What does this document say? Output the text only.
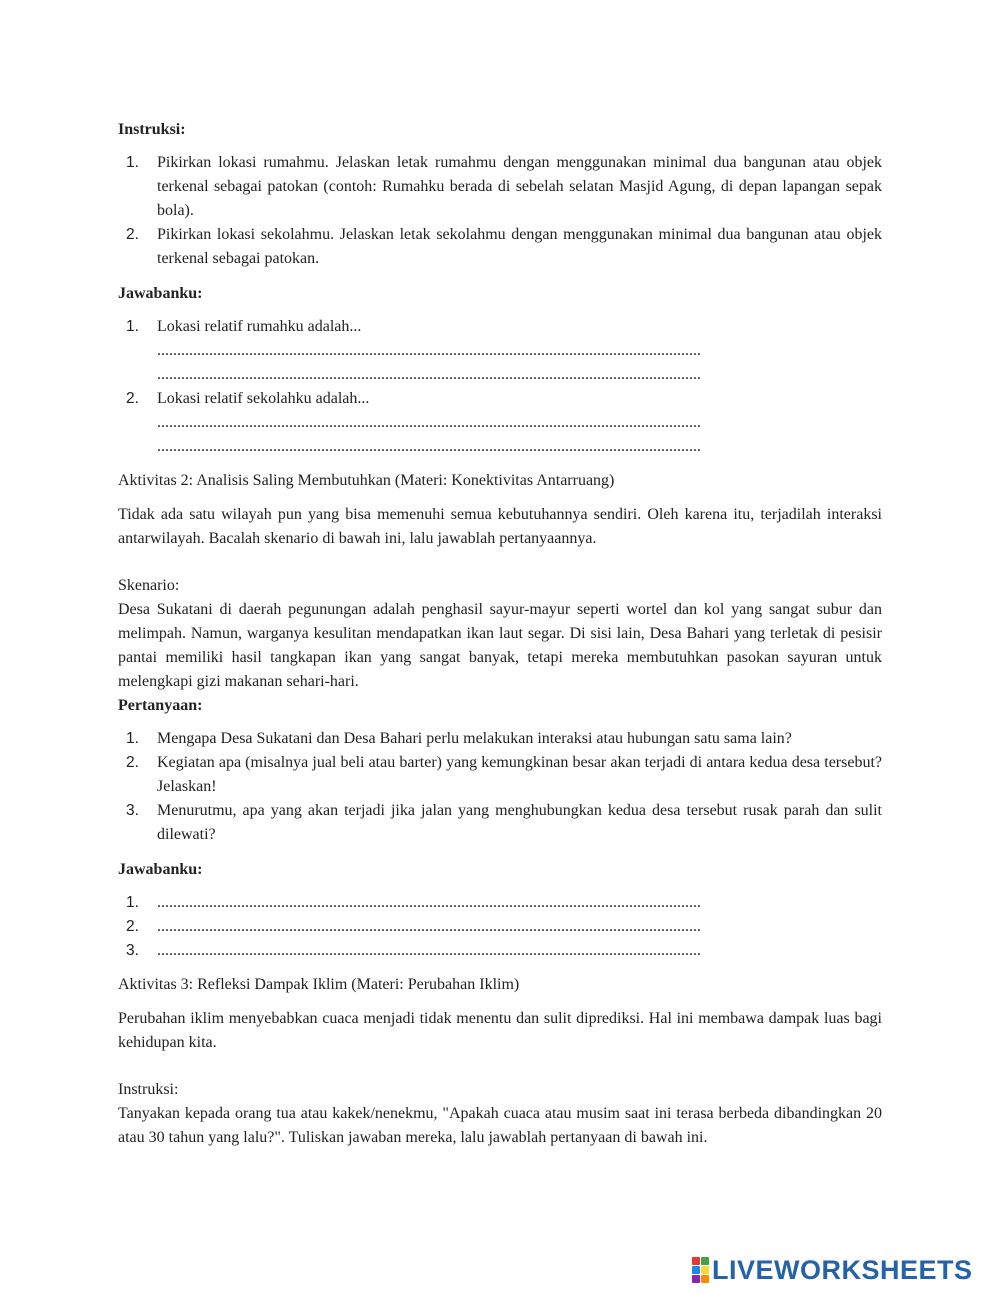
Instruksi:

1. Pikirkan lokasi rumahmu. Jelaskan letak rumahmu dengan menggunakan minimal dua bangunan atau objek terkenal sebagai patokan (contoh: Rumahku berada di sebelah selatan Masjid Agung, di depan lapangan sepak bola).
2. Pikirkan lokasi sekolahmu. Jelaskan letak sekolahmu dengan menggunakan minimal dua bangunan atau objek terkenal sebagai patokan.

Jawabanku:

1. Lokasi relatif rumahku adalah...
........................................................................................................................................
........................................................................................................................................
2. Lokasi relatif sekolahku adalah...
........................................................................................................................................
........................................................................................................................................

Aktivitas 2: Analisis Saling Membutuhkan (Materi: Konektivitas Antarruang)

Tidak ada satu wilayah pun yang bisa memenuhi semua kebutuhannya sendiri. Oleh karena itu, terjadilah interaksi antarwilayah. Bacalah skenario di bawah ini, lalu jawablah pertanyaannya.

Skenario:

Desa Sukatani di daerah pegunungan adalah penghasil sayur-mayur seperti wortel dan kol yang sangat subur dan melimpah. Namun, warganya kesulitan mendapatkan ikan laut segar. Di sisi lain, Desa Bahari yang terletak di pesisir pantai memiliki hasil tangkapan ikan yang sangat banyak, tetapi mereka membutuhkan pasokan sayuran untuk melengkapi gizi makanan sehari-hari.

Pertanyaan:

1. Mengapa Desa Sukatani dan Desa Bahari perlu melakukan interaksi atau hubungan satu sama lain?
2. Kegiatan apa (misalnya jual beli atau barter) yang kemungkinan besar akan terjadi di antara kedua desa tersebut? Jelaskan!
3. Menurutmu, apa yang akan terjadi jika jalan yang menghubungkan kedua desa tersebut rusak parah dan sulit dilewati?

Jawabanku:

1. ........................................................................................................................................
2. ........................................................................................................................................
3. ........................................................................................................................................

Aktivitas 3: Refleksi Dampak Iklim (Materi: Perubahan Iklim)

Perubahan iklim menyebabkan cuaca menjadi tidak menentu dan sulit diprediksi. Hal ini membawa dampak luas bagi kehidupan kita.

Instruksi:

Tanyakan kepada orang tua atau kakek/nenekmu, "Apakah cuaca atau musim saat ini terasa berbeda dibandingkan 20 atau 30 tahun yang lalu?". Tuliskan jawaban mereka, lalu jawablah pertanyaan di bawah ini.

LIVEWORKSHEETS
